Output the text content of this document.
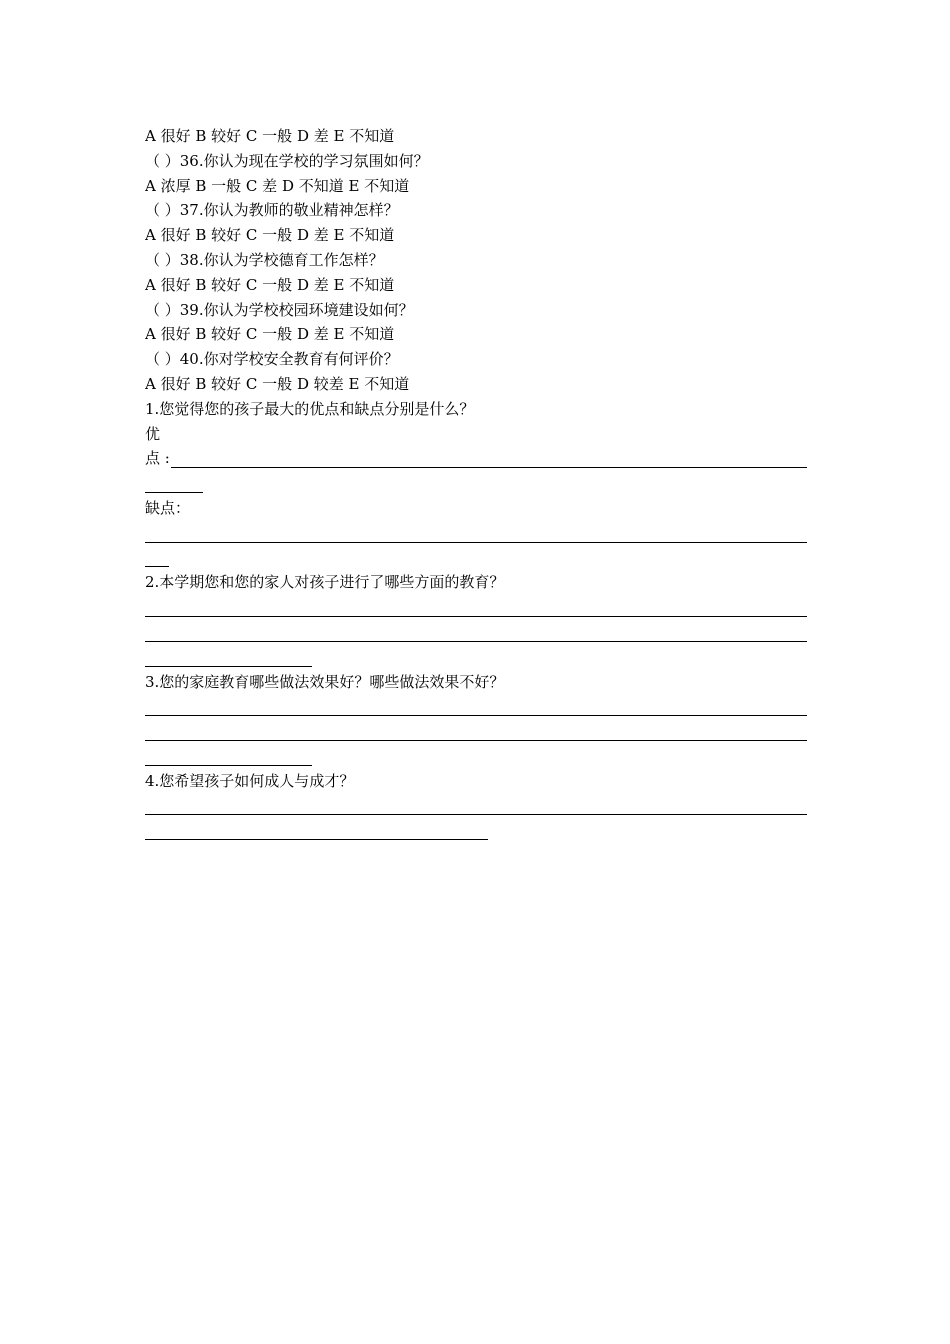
A 很好 B 较好 C 一般 D 差 E 不知道
（ ）36.你认为现在学校的学习氛围如何？
A 浓厚 B 一般 C 差 D 不知道 E 不知道
（ ）37.你认为教师的敬业精神怎样？
A 很好 B 较好 C 一般 D 差 E 不知道
（ ）38.你认为学校德育工作怎样？
A 很好 B 较好 C 一般 D 差 E 不知道
（ ）39.你认为学校校园环境建设如何？
A 很好 B 较好 C 一般 D 差 E 不知道
（ ）40.你对学校安全教育有何评价？
A 很好 B 较好 C 一般 D 较差 E 不知道
1.您觉得您的孩子最大的优点和缺点分别是什么？
优
点 :
缺点：
2.本学期您和您的家人对孩子进行了哪些方面的教育？
3.您的家庭教育哪些做法效果好？哪些做法效果不好？
4.您希望孩子如何成人与成才？
